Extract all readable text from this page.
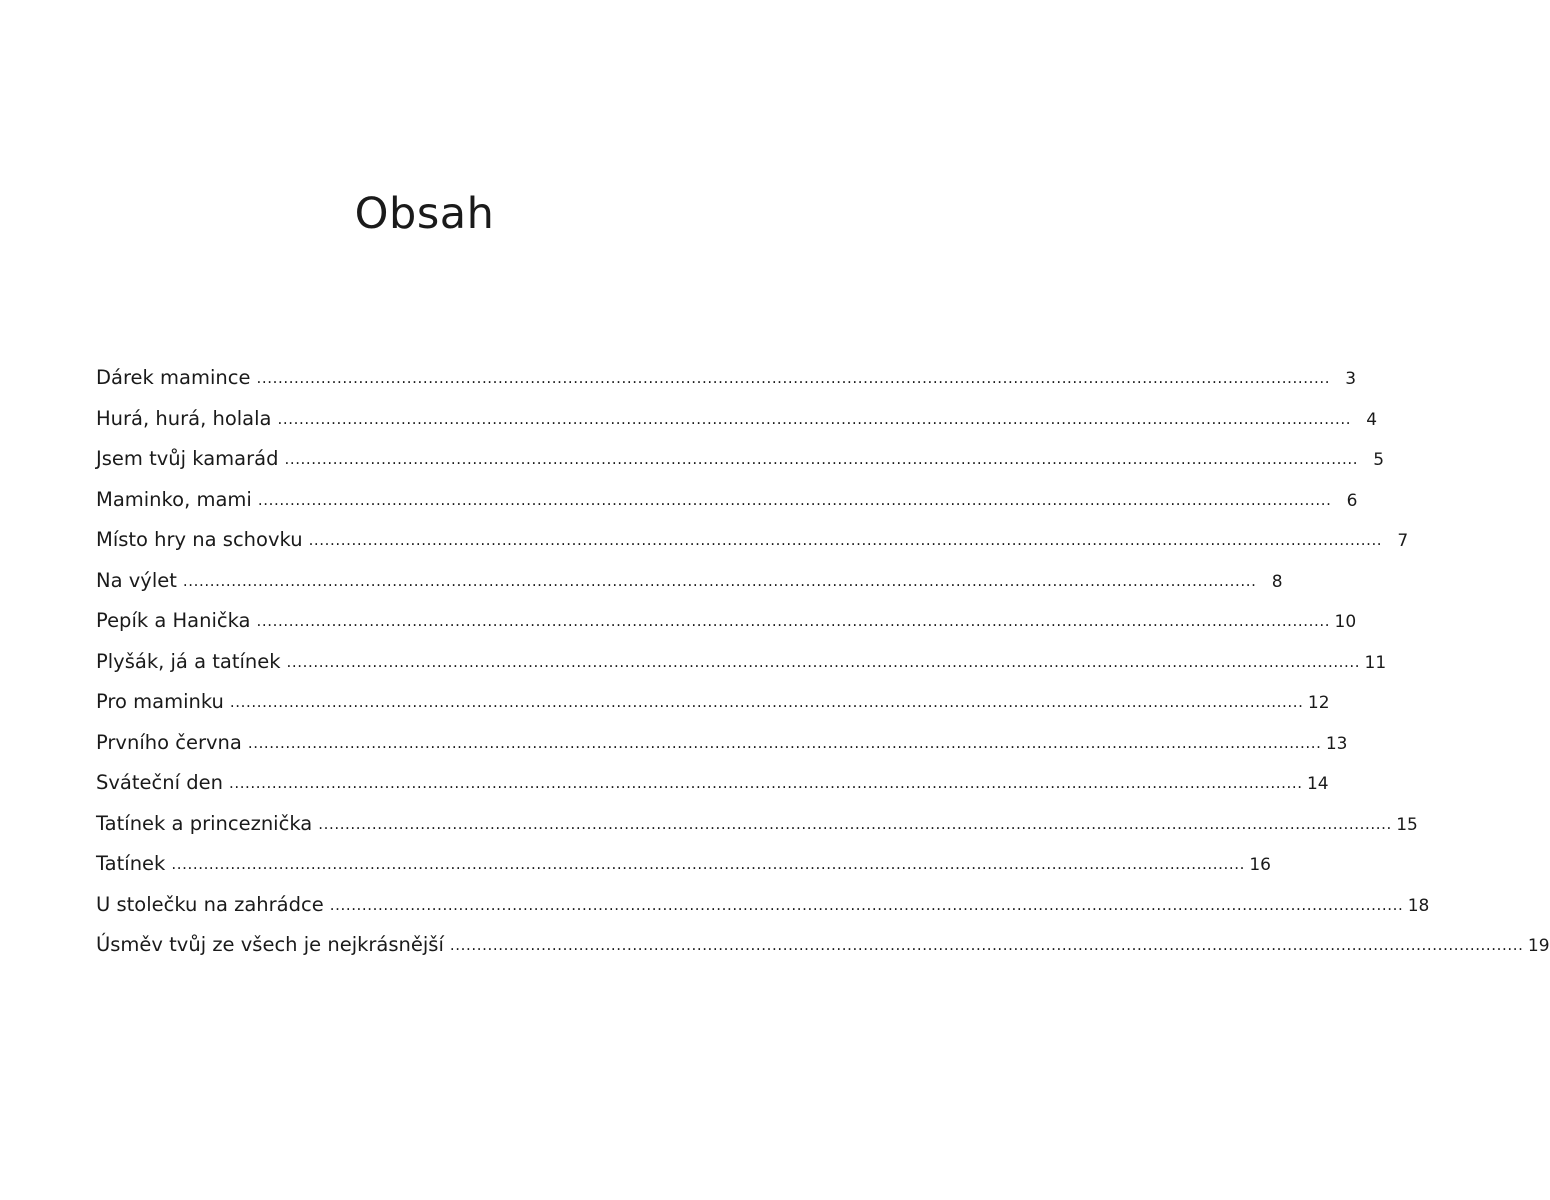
Obsah
Dárek mamince ........................................................................................................................................................................................................ 3
Hurá, hurá, holala ........................................................................................................................................................................................................ 4
Jsem tvůj kamarád ........................................................................................................................................................................................................ 5
Maminko, mami ........................................................................................................................................................................................................ 6
Místo hry na schovku ........................................................................................................................................................................................................ 7
Na výlet ........................................................................................................................................................................................................ 8
Pepík a Hanička ........................................................................................................................................................................................................ 10
Plyšák, já a tatínek ........................................................................................................................................................................................................ 11
Pro maminku ........................................................................................................................................................................................................ 12
Prvního června ........................................................................................................................................................................................................ 13
Sváteční den ........................................................................................................................................................................................................ 14
Tatínek a princeznička ........................................................................................................................................................................................................ 15
Tatínek ........................................................................................................................................................................................................ 16
U stolečku na zahrádce ........................................................................................................................................................................................................ 18
Úsměv tvůj ze všech je nejkrásnější ........................................................................................................................................................................................................ 19
